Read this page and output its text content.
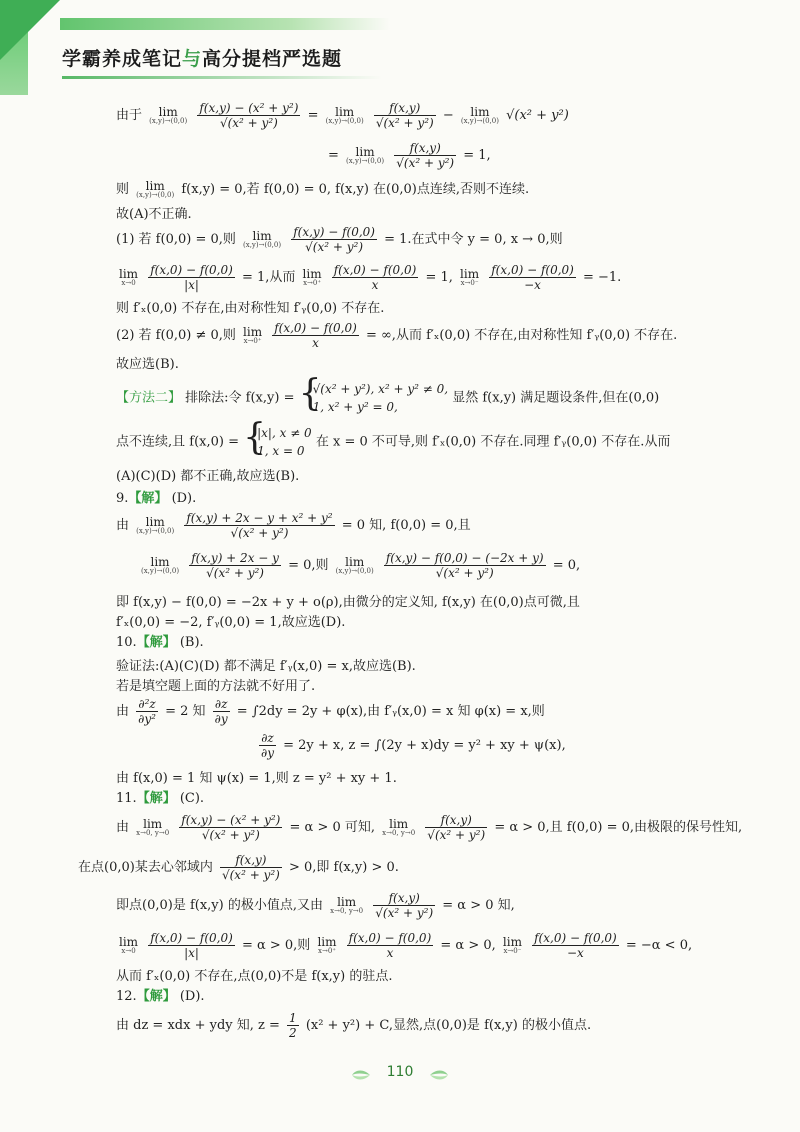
学霸养成笔记与高分提档严选题
由于	lim
(x,y)→(0,0)
$\frac{\text{f(x,y) − (x² + y²)}}{\text{√(x² + y²)}}$ =	lim
(x,y)→(0,0)
$\frac{f(x,y)}{\text{√(x² + y²)}}$ −	lim
(x,y)→(0,0) √(x² + y²)
=	lim
(x,y)→(0,0)
$\frac{f(x,y)}{\text{√(x² + y²)}} = 1$,
则	lim
(x,y)→(0,0) f(x,y) = 0,若 f(0,0) = 0, f(x,y) 在(0,0)点连续,否则不连续.
故(A)不正确.
(1) 若 f(0,0) = 0,则	lim
(x,y)→(0,0)
$\frac{f(x,y) - f(0,0)}{\text{√(x² + y²)}} = 1$.在式中令 y = 0, x → 0,则
lim
x→0
$\frac{f(x,0) - f(0,0)}{|x|} = 1$,从而 lim
x→0⁺
$\frac{f(x,0) - f(0,0)}{x} = 1$, lim
x→0⁻
$\frac{f(x,0) - f(0,0)}{-x} = -1$.
则 f′ₓ(0,0) 不存在,由对称性知 f′ᵧ(0,0) 不存在.
(2) 若 f(0,0) ≠ 0,则 lim
x→0⁺
$\frac{f(x,0) - f(0,0)}{x}$ = ∞,从而 f′ₓ(0,0) 不存在,由对称性知 f′ᵧ(0,0) 不存在.
故应选(B).
【方法二】 排除法:令 f(x,y) = {
√(x² + y²), x² + y² ≠ 0,
1, x² + y² = 0,
显然 f(x,y) 满足题设条件,但在(0,0)
点不连续,且 f(x,0) = {
|x|, x ≠ 0
1, x = 0
在 x = 0 不可导,则 f′ₓ(0,0) 不存在.同理 f′ᵧ(0,0) 不存在.从而
(A)(C)(D) 都不正确,故应选(B).
9.【解】 (D).
由	lim
(x,y)→(0,0)
$\frac{\text{f(x,y) + 2x − y + x² + y²}}{\text{√(x² + y²)}} = 0$ 知, f(0,0) = 0,且
lim
(x,y)→(0,0)
$\frac{f(x,y) + 2x - y}{\text{√(x² + y²)}} = 0$,则	lim
(x,y)→(0,0)
$\frac{f(x,y) - f(0,0) - (-2x + y)}{\text{√(x² + y²)}} = 0$,
即 f(x,y) − f(0,0) = −2x + y + o(ρ),由微分的定义知, f(x,y) 在(0,0)点可微,且
f′ₓ(0,0) = −2, f′ᵧ(0,0) = 1,故应选(D).
10.【解】 (B).
验证法:(A)(C)(D) 都不满足 f′ᵧ(x,0) = x,故应选(B).
若是填空题上面的方法就不好用了.
由 $\frac{\text{∂²z}}{\text{∂y²}} = 2$ 知 $\frac{\partial z}{\partial y} = \int 2dy = 2y + \varphi(x)$,由 f′ᵧ(x,0) = x 知 φ(x) = x,则
$\frac{\partial z}{\partial y} = 2y + x$, z = ∫(2y + x)dy = y² + xy + ψ(x),
由 f(x,0) = 1 知 ψ(x) = 1,则 z = y² + xy + 1.
11.【解】 (C).
由	lim
x→0, y→0
$\frac{\text{f(x,y) − (x² + y²)}}{\text{√(x² + y²)}} = \alpha > 0$ 可知,	lim
x→0, y→0
$\frac{f(x,y)}{\text{√(x² + y²)}} = \alpha > 0$,且 f(0,0) = 0,由极限的保号性知,
在点(0,0)某去心邻域内 $\frac{f(x,y)}{\text{√(x² + y²)}} > 0$,即 f(x,y) > 0.
即点(0,0)是 f(x,y) 的极小值点,又由	lim
x→0, y→0
$\frac{f(x,y)}{\text{√(x² + y²)}} = \alpha > 0$ 知,
lim
x→0
$\frac{f(x,0) - f(0,0)}{|x|} = \alpha > 0$,则 lim
x→0⁺
$\frac{f(x,0) - f(0,0)}{x} = \alpha > 0$, lim
x→0⁻
$\frac{f(x,0) - f(0,0)}{-x} = -\alpha < 0$,
从而 f′ₓ(0,0) 不存在,点(0,0)不是 f(x,y) 的驻点.
12.【解】 (D).
由 dz = xdx + ydy 知, $z = \frac{1}{2} (x^2 + y^2) + C$,显然,点(0,0)是 f(x,y) 的极小值点.
110
